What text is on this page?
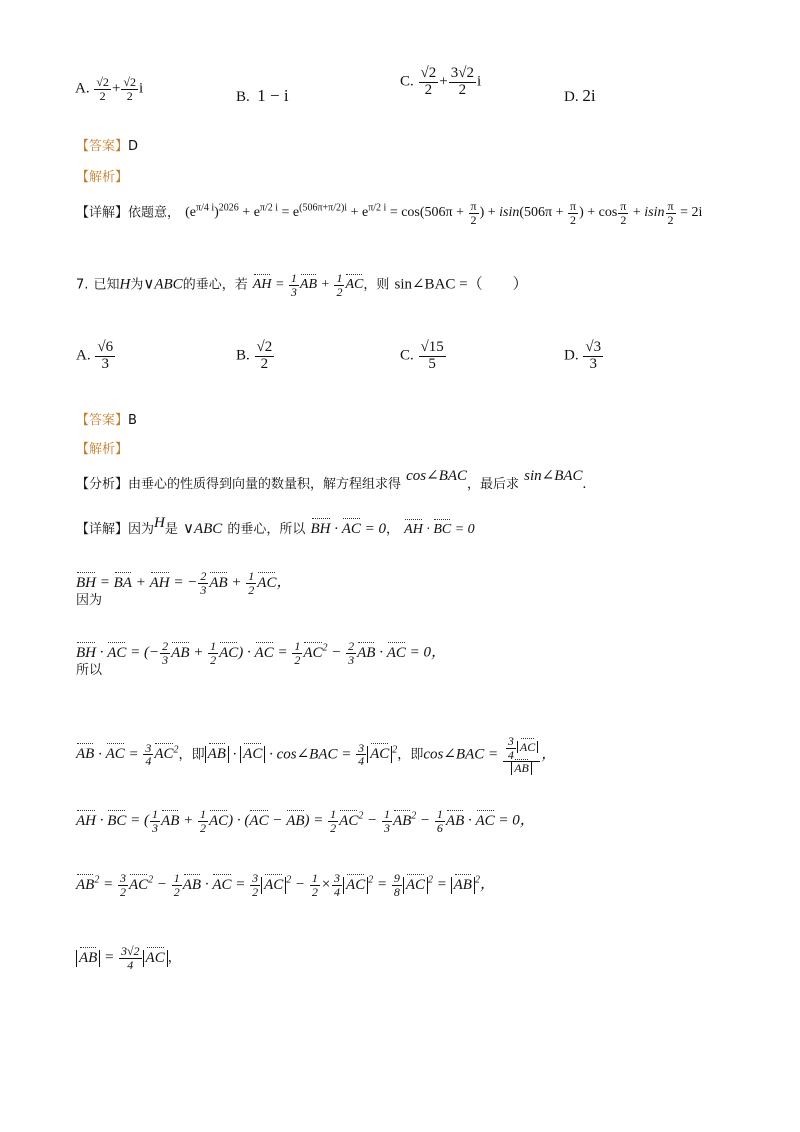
A. $\frac{√2}{2} + \frac{√2}{2}$ i
B. 1 − i
C. $\frac{√2}{2} + \frac{3√2}{2}$ i
D. 2i
【答案】D
【解析】
【详解】依题意， $(e^{\pi/4 i})^{2026} + e^{\pi/2 i} = e^{(506\pi+\pi/2)i} + e^{\pi/2 i} = \cos(506\pi + \frac{\pi}{2}$ ) + $isin(506\pi + \frac{\pi}{2}$ ) + $\cos \frac{\pi}{2} + isin \frac{\pi}{2} = 2i$
7. 已知H为∨ABC的垂心，若 AH = $\frac{1}{3}$ AB + $\frac{1}{2}$ AC，则 sin∠BAC =（　　）
A. $\frac{√6}{3}$	B. $\frac{√2}{2}$	C. $\frac{√15}{5}$	D. $\frac{√3}{3}$
【答案】B
【解析】
【分析】由垂心的性质得到向量的数量积，解方程组求得 cos∠BAC，最后求 sin∠BAC.
【详解】因为H是 ∨ABC 的垂心，所以 BH · AC = 0， AH · BC = 0
BH = BA + AH = − $\frac{2}{3}$ AB + $\frac{1}{2}$ AC，
因为
BH · AC = (− $\frac{2}{3}$ AB + $\frac{1}{2} AC$) · AC = $\frac{1}{2} AC^2 - \frac{2}{3}$ AB · AC = 0，
所以
AB · AC = $\frac{3}{4} AC^2$，即 AB · AC · cos∠BAC = $\frac{3}{4}$ AC $^2$，即cos∠BAC = $\frac{\frac{3}{4} AC}{AB}$ ，
AH · BC = ( $\frac{1}{3}$ AB + $\frac{1}{2} AC) \cdot (AC - AB) = \frac{1}{2} AC^2 - \frac{1}{3} AB^2 - \frac{1}{6}$ AB · AC = 0，
$AB^2 = \frac{3}{2} AC^2 - \frac{1}{2}$ AB · AC = $\frac{3}{2}$ AC $^2 - \frac{1}{2} \times \frac{3}{4}$ AC $^2 = \frac{9}{8}$ AC $^2$ = AB $^2$，
AB = $\frac{3√2}{4}$ AC ，
